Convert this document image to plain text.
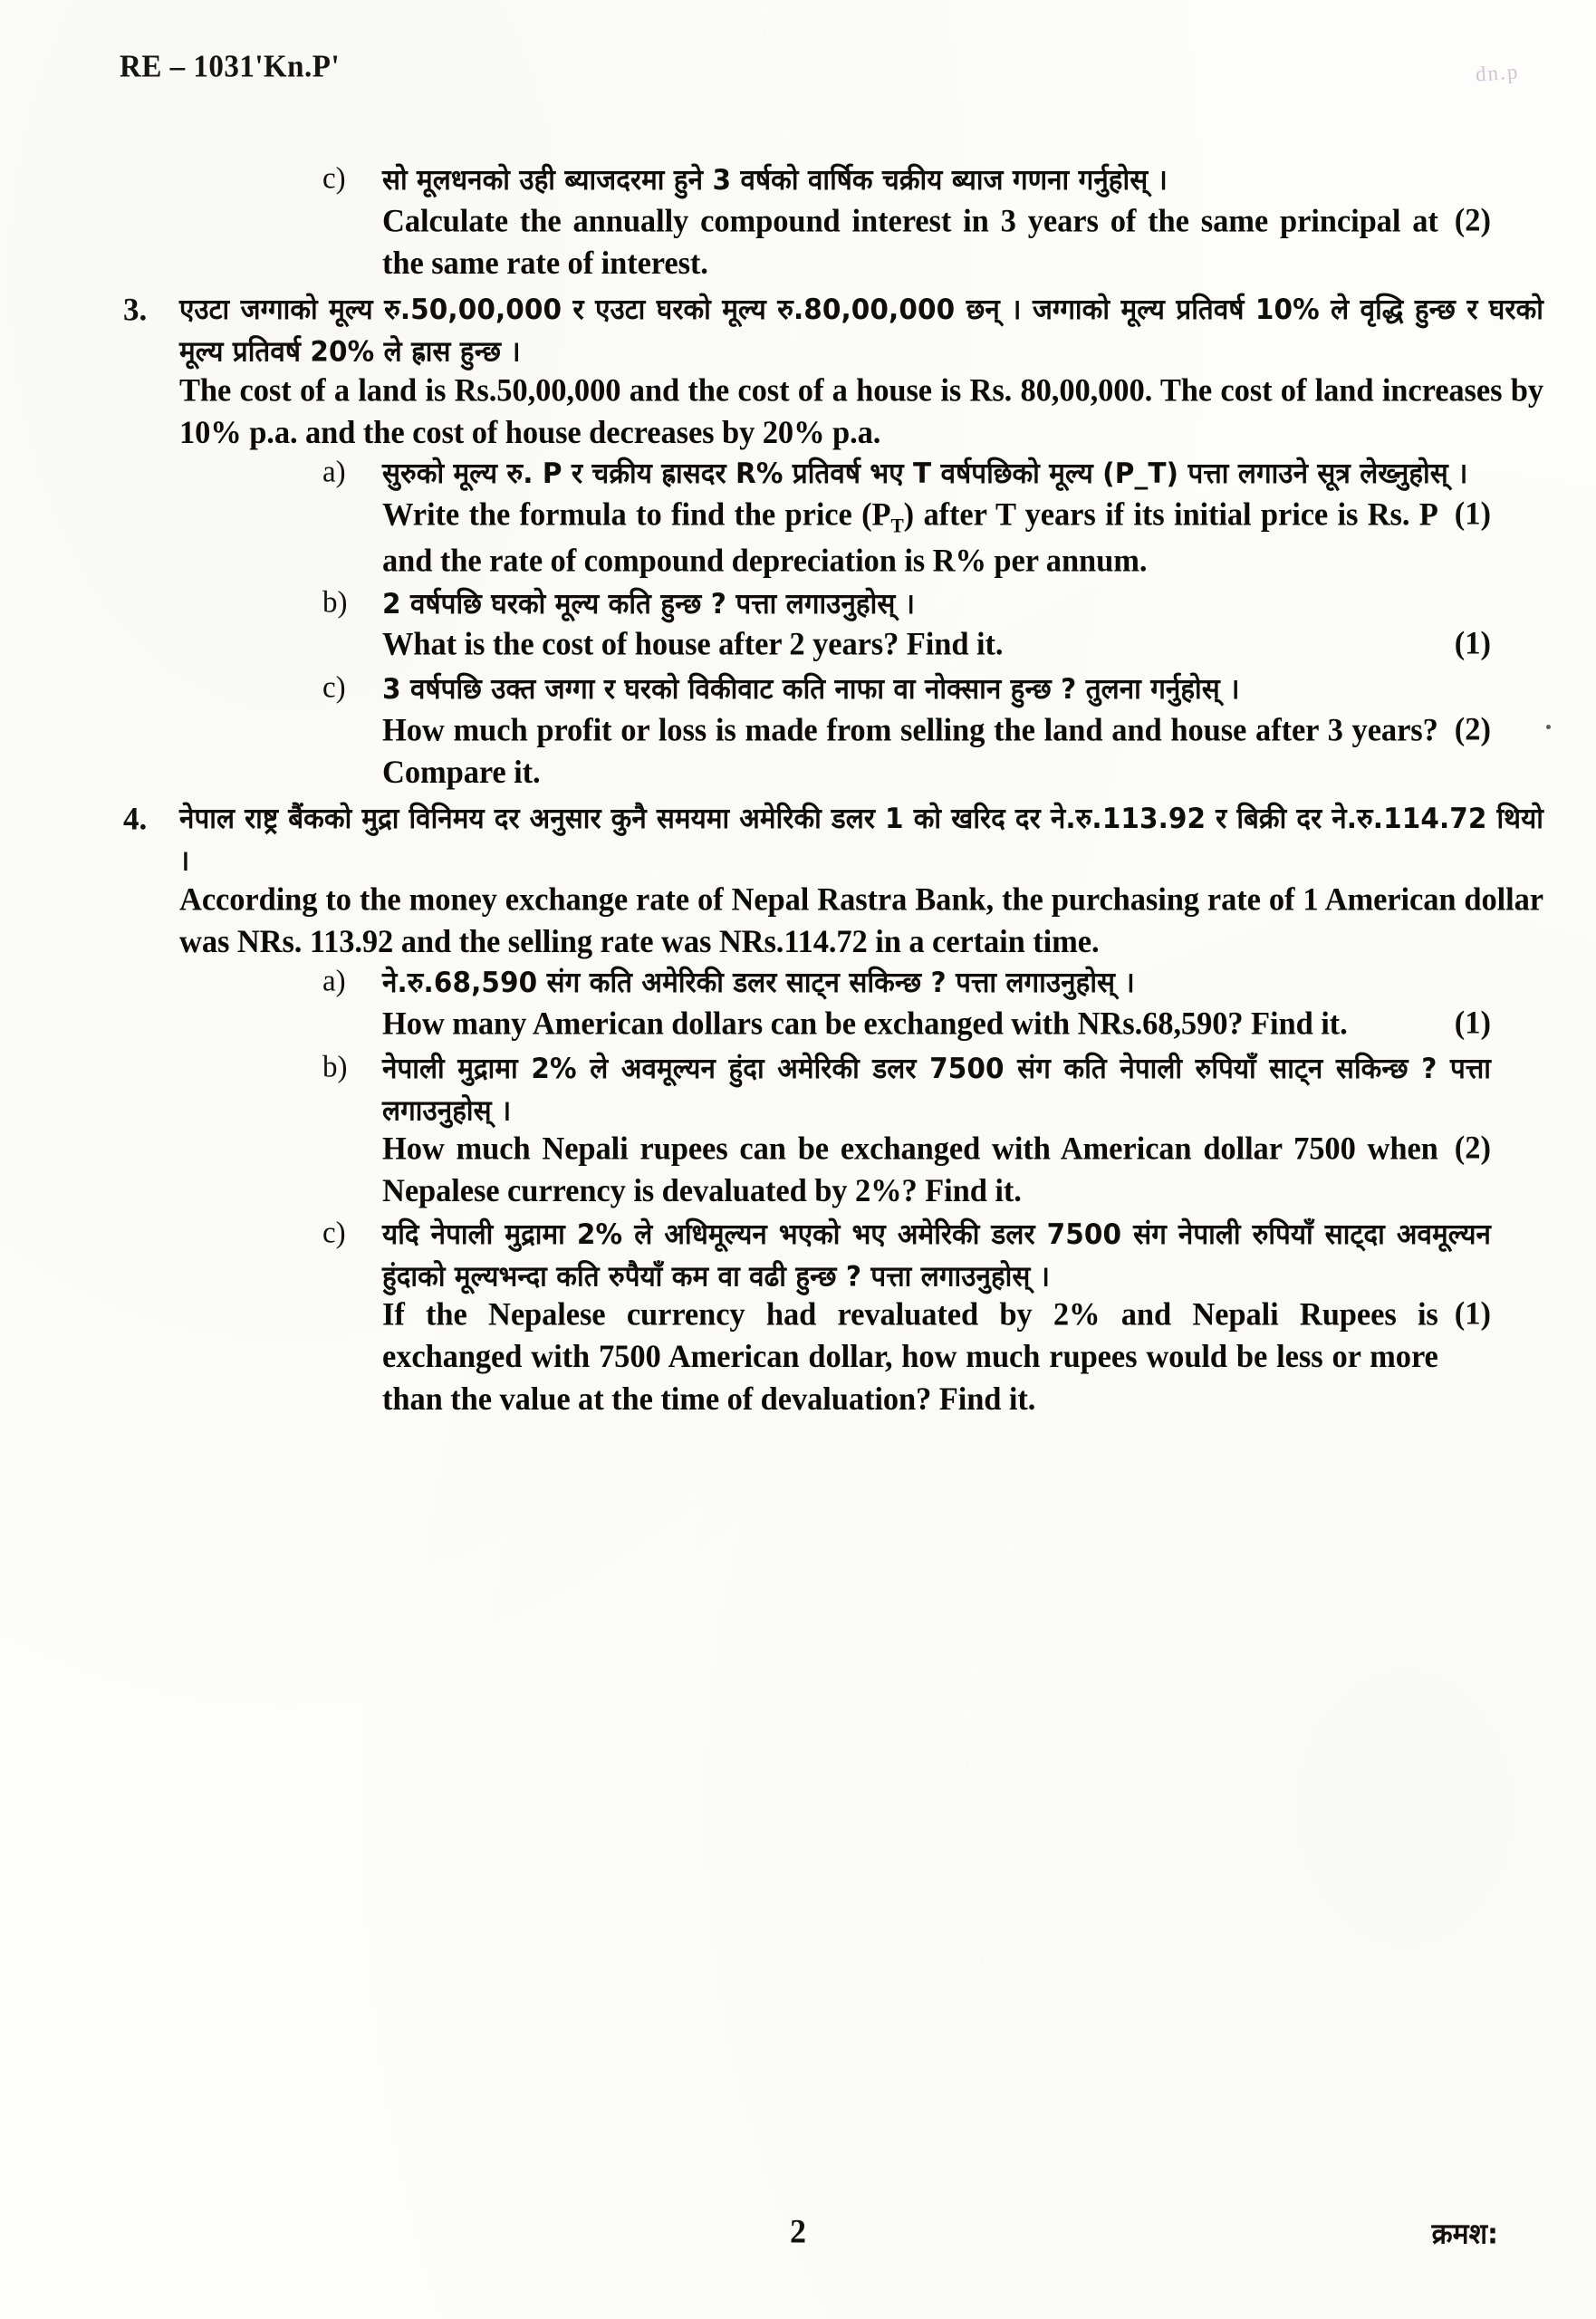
RE – 1031'Kn.P'	dn.p
c)	सोे मूलधनको उही ब्याजदरमा हुने 3 वर्षको वार्षिक चक्रीय ब्याज गणना गर्नुहोस् ।

Calculate the annually compound interest in 3 years of the same principal at the same rate of interest.
(2)
3.	एउटा जग्गाको मूल्य रु.50,00,000 र एउटा घरको मूल्य रु.80,00,000 छन् । जग्गाको मूल्य प्रतिवर्ष 10% ले वृद्धि हुन्छ र घरको मूल्य प्रतिवर्ष 20% ले ह्रास हुन्छ ।

The cost of a land is Rs.50,00,000 and the cost of a house is Rs. 80,00,000. The cost of land increases by 10% p.a. and the cost of house decreases by 20% p.a.

a)	सुरुको मूल्य रु. P र चक्रीय ह्रासदर R% प्रतिवर्ष भए T वर्षपछिको मूल्य (P_T) पत्ता लगाउने सूत्र लेख्नुहोस् ।

Write the formula to find the price $(P_T)$ after T years if its initial price is Rs. P and the rate of compound depreciation is R% per annum.
(1)
b)	2 वर्षपछि घरको मूल्य कति हुन्छ ? पत्ता लगाउनुहोस् ।

What is the cost of house after 2 years? Find it.	(1)
c)	3 वर्षपछि उक्त जग्गा र घरको विकीवाट कति नाफा वा नोक्सान हुन्छ ? तुलना गर्नुहोस् ।

How much profit or loss is made from selling the land and house after 3 years? Compare it.
(2)
4.	नेपाल राष्ट्र बैंकको मुद्रा विनिमय दर अनुसार कुनै समयमा अमेरिकी डलर 1 को खरिद दर ने.रु.113.92 र बिक्री दर ने.रु.114.72 थियो ।

According to the money exchange rate of Nepal Rastra Bank, the purchasing rate of 1 American dollar was NRs. 113.92 and the selling rate was NRs.114.72 in a certain time.

a)	ने.रु.68,590 संग कति अमेरिकी डलर साट्न सकिन्छ ? पत्ता लगाउनुहोस् ।

How many American dollars can be exchanged with NRs.68,590? Find it.	(1)
b)	नेपाली मुद्रामा 2% ले अवमूल्यन हुंदा अमेरिकी डलर 7500 संग कति नेपाली रुपियाँ साट्न सकिन्छ ? पत्ता लगाउनुहोस् ।

How much Nepali rupees can be exchanged with American dollar 7500 when Nepalese currency is devaluated by 2%? Find it.
(2)
c)	यदि नेपाली मुद्रामा 2% ले अधिमूल्यन भएको भए अमेरिकी डलर 7500 संग नेपाली रुपियाँ साट्दा अवमूल्यन हुंदाको मूल्यभन्दा कति रुपैयाँ कम वा वढी हुन्छ ? पत्ता लगाउनुहोस् ।

If the Nepalese currency had revaluated by 2% and Nepali Rupees is exchanged with 7500 American dollar, how much rupees would be less or more than the value at the time of devaluation? Find it.
(1)
2	क्रमश:
